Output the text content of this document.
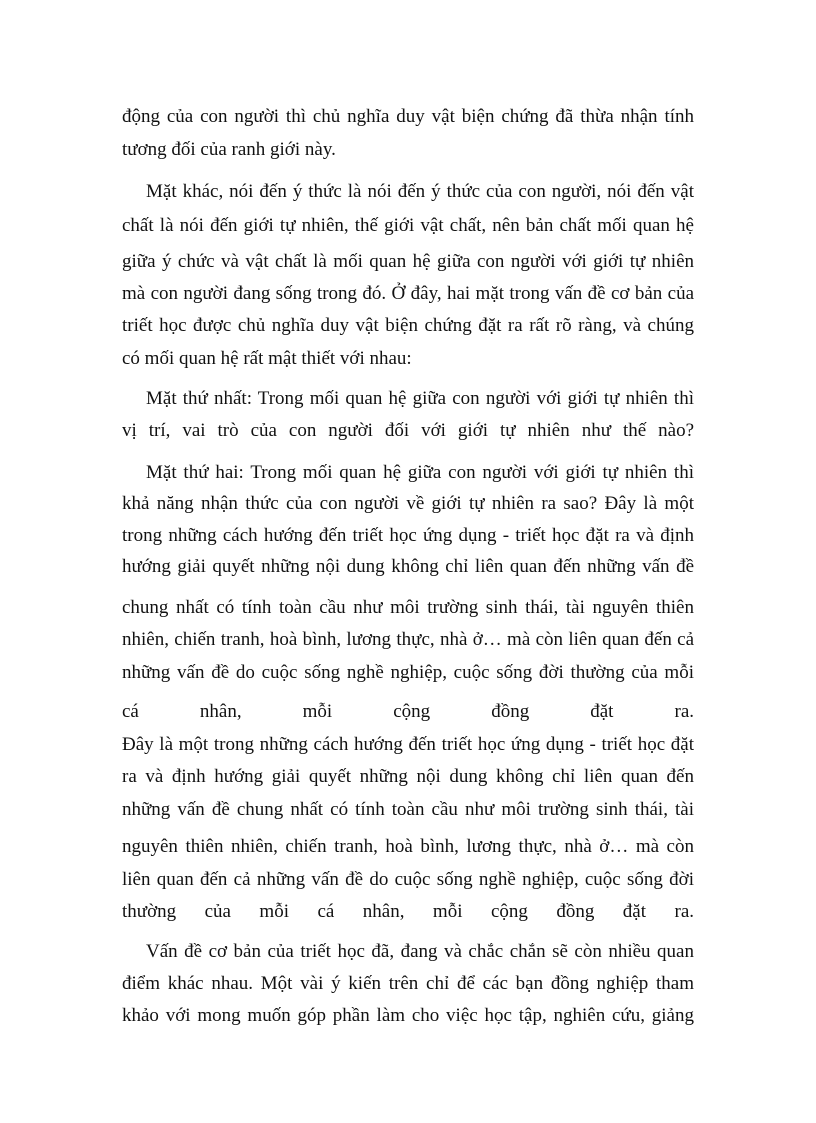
động của con người thì chủ nghĩa duy vật biện chứng đã thừa nhận tính
tương đối của ranh giới này.
Mặt khác, nói đến ý thức là nói đến ý thức của con người, nói đến vật
chất là nói đến giới tự nhiên, thế giới vật chất, nên bản chất mối quan hệ
giữa ý chức và vật chất là mối quan hệ giữa con người với giới tự nhiên
mà con người đang sống trong đó. Ở đây, hai mặt trong vấn đề cơ bản của
triết học được chủ nghĩa duy vật biện chứng đặt ra rất rõ ràng, và chúng
có mối quan hệ rất mật thiết với nhau:
Mặt thứ nhất: Trong mối quan hệ giữa con người với giới tự nhiên thì
vị trí, vai trò của con người đối với giới tự nhiên như thế nào?
Mặt thứ hai: Trong mối quan hệ giữa con người với giới tự nhiên thì
khả năng nhận thức của con người về giới tự nhiên ra sao? Đây là một
trong những cách hướng đến triết học ứng dụng - triết học đặt ra và định
hướng giải quyết những nội dung không chỉ liên quan đến những vấn đề
chung nhất có tính toàn cầu như môi trường sinh thái, tài nguyên thiên
nhiên, chiến tranh, hoà bình, lương thực, nhà ở… mà còn liên quan đến cả
những vấn đề do cuộc sống nghề nghiệp, cuộc sống đời thường của mỗi
cá nhân, mỗi cộng đồng đặt ra.
Đây là một trong những cách hướng đến triết học ứng dụng - triết học đặt
ra và định hướng giải quyết những nội dung không chỉ liên quan đến
những vấn đề chung nhất có tính toàn cầu như môi trường sinh thái, tài
nguyên thiên nhiên, chiến tranh, hoà bình, lương thực, nhà ở… mà còn
liên quan đến cả những vấn đề do cuộc sống nghề nghiệp, cuộc sống đời
thường của mỗi cá nhân, mỗi cộng đồng đặt ra.
Vấn đề cơ bản của triết học đã, đang và chắc chắn sẽ còn nhiều quan
điểm khác nhau. Một vài ý kiến trên chỉ để các bạn đồng nghiệp tham
khảo với mong muốn góp phần làm cho việc học tập, nghiên cứu, giảng
